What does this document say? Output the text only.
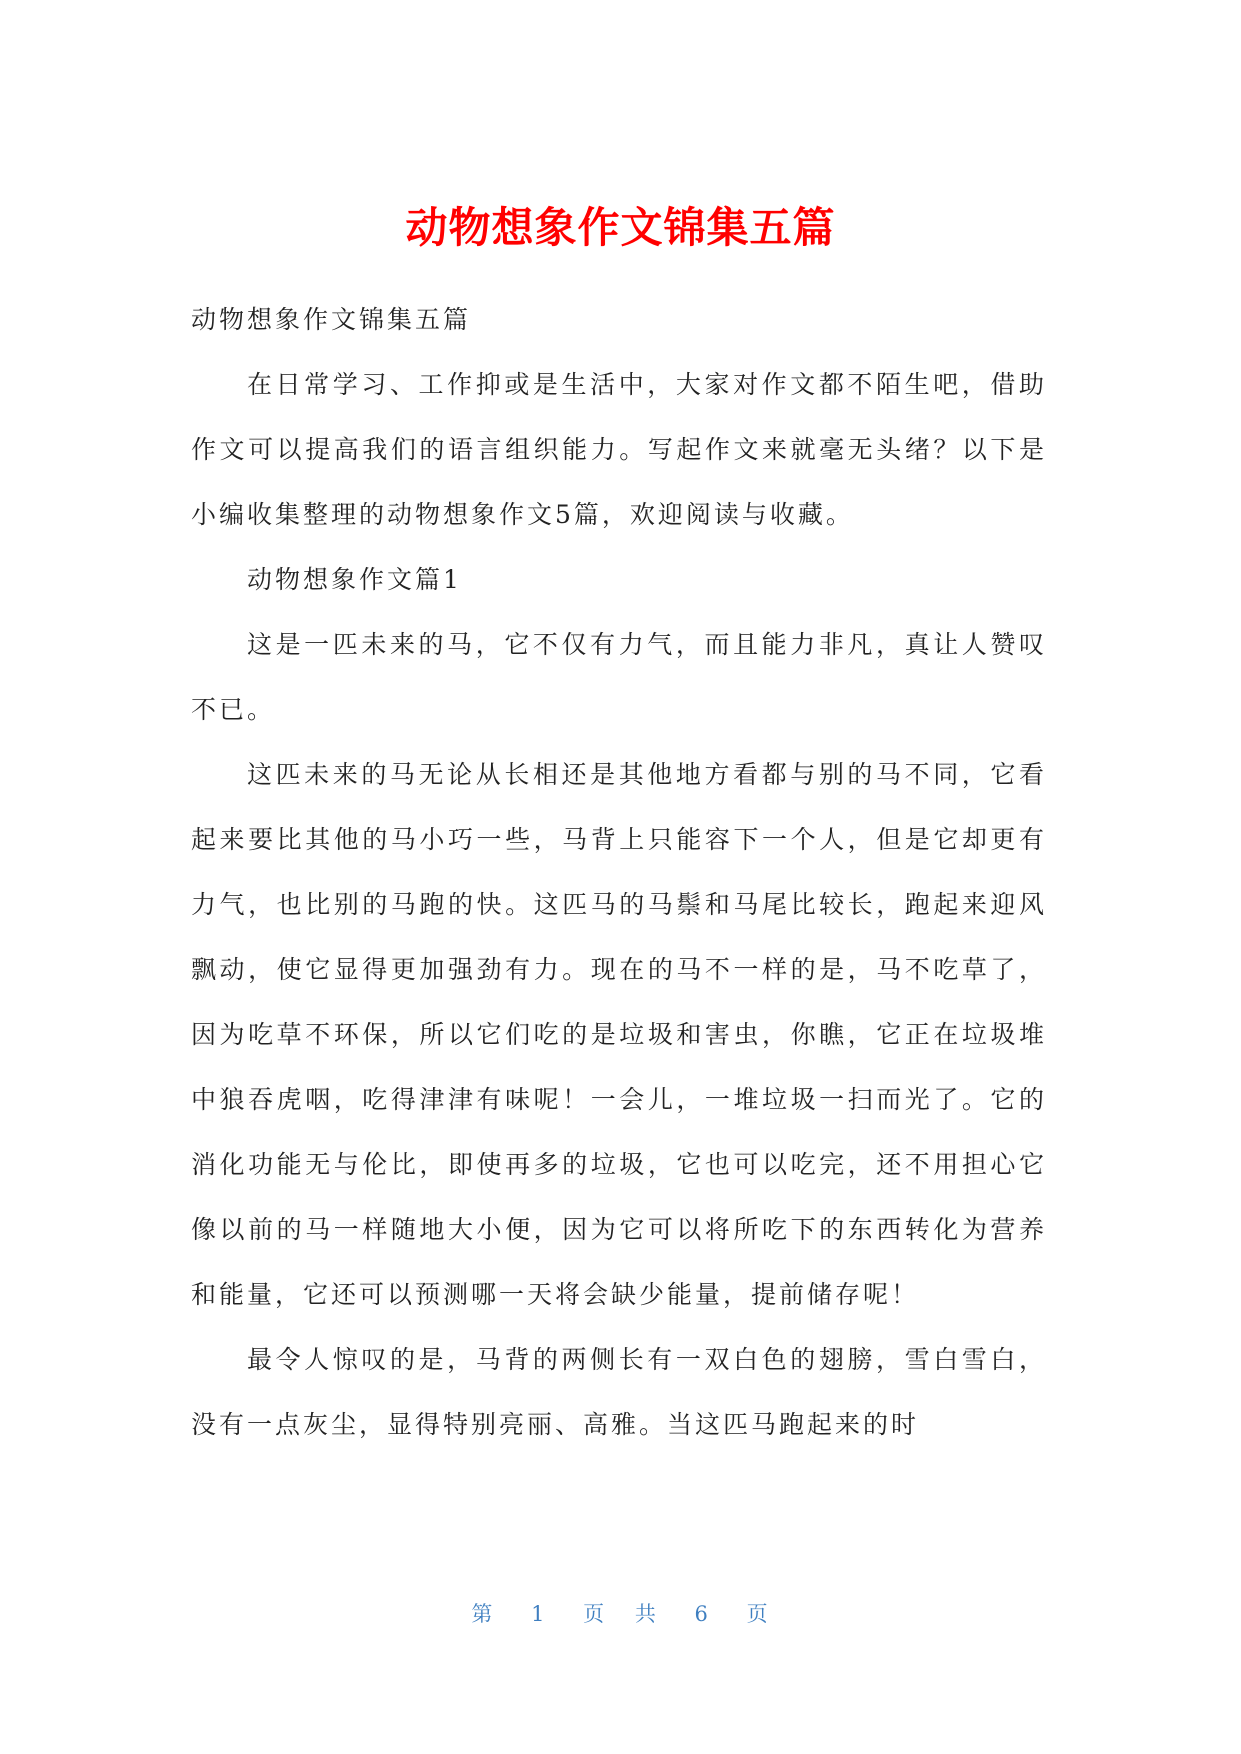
动物想象作文锦集五篇

动物想象作文锦集五篇

在日常学习、工作抑或是生活中，大家对作文都不陌生吧，借助作文可以提高我们的语言组织能力。写起作文来就毫无头绪？以下是小编收集整理的动物想象作文5篇，欢迎阅读与收藏。

动物想象作文篇1

这是一匹未来的马，它不仅有力气，而且能力非凡，真让人赞叹不已。

这匹未来的马无论从长相还是其他地方看都与别的马不同，它看起来要比其他的马小巧一些，马背上只能容下一个人，但是它却更有力气，也比别的马跑的快。这匹马的马鬃和马尾比较长，跑起来迎风飘动，使它显得更加强劲有力。现在的马不一样的是，马不吃草了，因为吃草不环保，所以它们吃的是垃圾和害虫，你瞧，它正在垃圾堆中狼吞虎咽，吃得津津有味呢！一会儿，一堆垃圾一扫而光了。它的消化功能无与伦比，即使再多的垃圾，它也可以吃完，还不用担心它像以前的马一样随地大小便，因为它可以将所吃下的东西转化为营养和能量，它还可以预测哪一天将会缺少能量，提前储存呢！

最令人惊叹的是，马背的两侧长有一双白色的翅膀，雪白雪白，没有一点灰尘，显得特别亮丽、高雅。当这匹马跑起来的时

第 1 页 共 6 页
